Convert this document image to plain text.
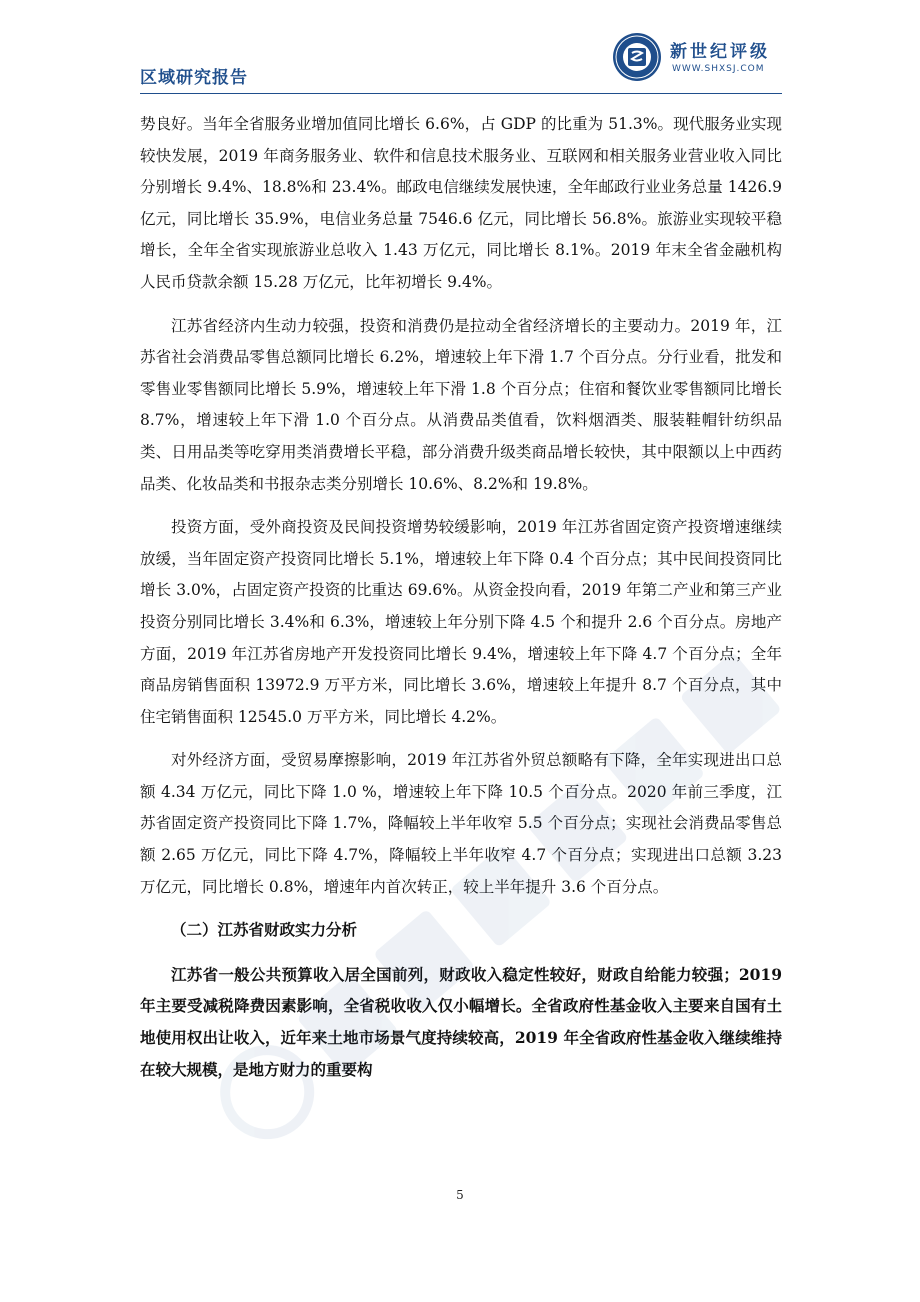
区域研究报告
新世纪评级
WWW.SHXSJ.COM

势良好。当年全省服务业增加值同比增长 6.6%，占 GDP 的比重为 51.3%。现代服务业实现较快发展，2019 年商务服务业、软件和信息技术服务业、互联网和相关服务业营业收入同比分别增长 9.4%、18.8%和 23.4%。邮政电信继续发展快速，全年邮政行业业务总量 1426.9 亿元，同比增长 35.9%，电信业务总量 7546.6 亿元，同比增长 56.8%。旅游业实现较平稳增长，全年全省实现旅游业总收入 1.43 万亿元，同比增长 8.1%。2019 年末全省金融机构人民币贷款余额 15.28 万亿元，比年初增长 9.4%。

江苏省经济内生动力较强，投资和消费仍是拉动全省经济增长的主要动力。2019 年，江苏省社会消费品零售总额同比增长 6.2%，增速较上年下滑 1.7 个百分点。分行业看，批发和零售业零售额同比增长 5.9%，增速较上年下滑 1.8 个百分点；住宿和餐饮业零售额同比增长 8.7%，增速较上年下滑 1.0 个百分点。从消费品类值看，饮料烟酒类、服装鞋帽针纺织品类、日用品类等吃穿用类消费增长平稳，部分消费升级类商品增长较快，其中限额以上中西药品类、化妆品类和书报杂志类分别增长 10.6%、8.2%和 19.8%。

投资方面，受外商投资及民间投资增势较缓影响，2019 年江苏省固定资产投资增速继续放缓，当年固定资产投资同比增长 5.1%，增速较上年下降 0.4 个百分点；其中民间投资同比增长 3.0%，占固定资产投资的比重达 69.6%。从资金投向看，2019 年第二产业和第三产业投资分别同比增长 3.4%和 6.3%，增速较上年分别下降 4.5 个和提升 2.6 个百分点。房地产方面，2019 年江苏省房地产开发投资同比增长 9.4%，增速较上年下降 4.7 个百分点；全年商品房销售面积 13972.9 万平方米，同比增长 3.6%，增速较上年提升 8.7 个百分点，其中住宅销售面积 12545.0 万平方米，同比增长 4.2%。

对外经济方面，受贸易摩擦影响，2019 年江苏省外贸总额略有下降，全年实现进出口总额 4.34 万亿元，同比下降 1.0 %，增速较上年下降 10.5 个百分点。2020 年前三季度，江苏省固定资产投资同比下降 1.7%，降幅较上半年收窄 5.5 个百分点；实现社会消费品零售总额 2.65 万亿元，同比下降 4.7%，降幅较上半年收窄 4.7 个百分点；实现进出口总额 3.23 万亿元，同比增长 0.8%，增速年内首次转正，较上半年提升 3.6 个百分点。

（二）江苏省财政实力分析

江苏省一般公共预算收入居全国前列，财政收入稳定性较好，财政自给能力较强；2019 年主要受减税降费因素影响，全省税收收入仅小幅增长。全省政府性基金收入主要来自国有土地使用权出让收入，近年来土地市场景气度持续较高，2019 年全省政府性基金收入继续维持在较大规模，是地方财力的重要构

5
